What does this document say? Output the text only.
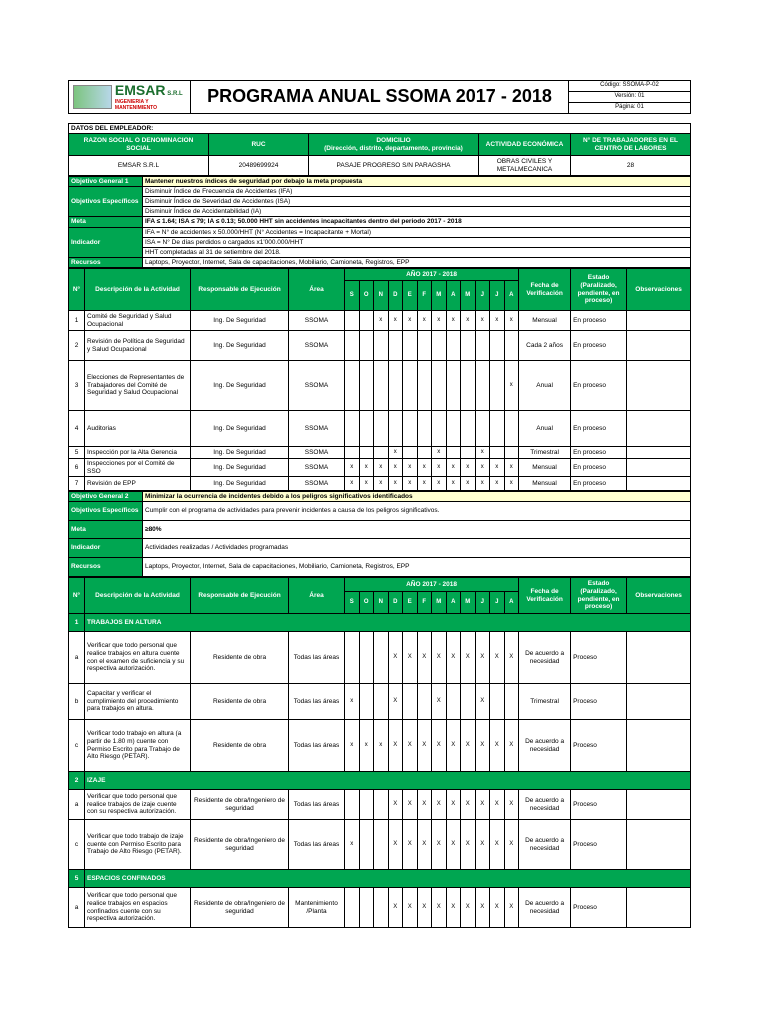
EMSAR S.R.L
INGENIERIA Y MANTENIMIENTO
	PROGRAMA ANUAL SSOMA 2017 - 2018	Código: SSOMA-P-02
Versión: 01
Página: 01
DATOS DEL EMPLEADOR:				
RAZON SOCIAL O DENOMINACION SOCIAL	RUC	DOMICILIO
(Dirección, distrito, departamento, provincia)	ACTIVIDAD ECONÓMICA	N° DE TRABAJADORES EN EL CENTRO DE LABORES
EMSAR S.R.L	20489699924	PASAJE PROGRESO S/N PARAGSHA	OBRAS CIVILES Y METALMECANICA	28
Objetivo General 1	Mantener nuestros índices de seguridad por debajo la meta propuesta
Objetivos Específicos	Disminuir Índice de Frecuencia de Accidentes (IFA)
	Disminuir Índice de Severidad de Accidentes (ISA)
	Disminuir Índice de Accidentabilidad (IA)
Meta	IFA ≤ 1.64; ISA ≤ 79; IA ≤ 0.13; 50.000 HHT sin accidentes incapacitantes dentro del periodo 2017 - 2018
Indicador	IFA = N° de accidentes x 50.000/HHT (N° Accidentes = Incapacitante + Mortal)
	ISA = N° De días perdidos o cargados x1'000.000/HHT
	HHT completadas al 31 de setiembre del 2018.
Recursos	Laptops, Proyector, Internet, Sala de capacitaciones, Mobiliario, Camioneta, Registros, EPP
N°	Descripción de la Actividad	Responsable de Ejecución	Área	AÑO 2017 - 2018												Fecha de Verificación	Estado (Paralizado, pendiente, en proceso)	Observaciones
				S	O	N	D	E	F	M	A	M	J	J	A			
1	Comité de Seguridad y Salud Ocupacional	Ing. De Seguridad	SSOMA			x	x	x	x	x	x	x	x	x	x	Mensual	En proceso	
2	Revisión de Política de Seguridad y Salud Ocupacional	Ing. De Seguridad	SSOMA													Cada 2 años	En proceso	
3	Elecciones de Representantes de Trabajadores del Comité de Seguridad y Salud Ocupacional	Ing. De Seguridad	SSOMA												x	Anual	En proceso	
4	Auditorias	Ing. De Seguridad	SSOMA													Anual	En proceso	
5	Inspección por la Alta Gerencia	Ing. De Seguridad	SSOMA				x			x			x			Trimestral	En proceso	
6	Inspecciones por el Comité de SSO	Ing. De Seguridad	SSOMA	x	x	x	x	x	x	x	x	x	x	x	x	Mensual	En proceso	
7	Revisión de EPP	Ing. De Seguridad	SSOMA	x	x	x	x	x	x	x	x	x	x	x	x	Mensual	En proceso	
Objetivo General 2	Minimizar la ocurrencia de incidentes debido a los peligros significativos identificados
Objetivos Específicos	Cumplir con el programa de actividades para prevenir incidentes a causa de los peligros significativos.
Meta	≥80%
Indicador	Actividades realizadas / Actividades programadas
Recursos	Laptops, Proyector, Internet, Sala de capacitaciones, Mobiliario, Camioneta, Registros, EPP
N°	Descripción de la Actividad	Responsable de Ejecución	Área	AÑO 2017 - 2018												Fecha de Verificación	Estado (Paralizado, pendiente, en proceso)	Observaciones
				S	O	N	D	E	F	M	A	M	J	J	A			
1	TRABAJOS EN ALTURA																	
a	Verificar que todo personal que realice trabajos en altura cuente con el examen de suficiencia y su respectiva autorización.	Residente de obra	Todas las áreas				X	X	X	X	X	X	X	X	X	De acuerdo a necesidad	Proceso	
b	Capacitar y verificar el cumplimiento del procedimiento para trabajos en altura.	Residente de obra	Todas las áreas	x			X			X			X			Trimestral	Proceso	
c	Verificar todo trabajo en altura (a partir de 1.80 m) cuente con Permiso Escrito para Trabajo de Alto Riesgo (PETAR).	Residente de obra	Todas las áreas	x	x	x	X	X	X	X	X	X	X	X	X	De acuerdo a necesidad	Proceso	
2	IZAJE																	
a	Verificar que todo personal que realice trabajos de izaje cuente con su respectiva autorización.	Residente de obra/Ingeniero de seguridad	Todas las áreas				X	X	X	X	X	X	X	X	X	De acuerdo a necesidad	Proceso	
c	Verificar que todo trabajo de izaje cuente con Permiso Escrito para Trabajo de Alto Riesgo (PETAR).	Residente de obra/Ingeniero de seguridad	Todas las áreas	x			X	X	X	X	X	X	X	X	X	De acuerdo a necesidad	Proceso	
5	ESPACIOS CONFINADOS																	
a	Verificar que todo personal que realice trabajos en espacios confinados cuente con su respectiva autorización.	Residente de obra/Ingeniero de seguridad	Mantenimiento /Planta				X	X	X	X	X	X	X	X	X	De acuerdo a necesidad	Proceso	
